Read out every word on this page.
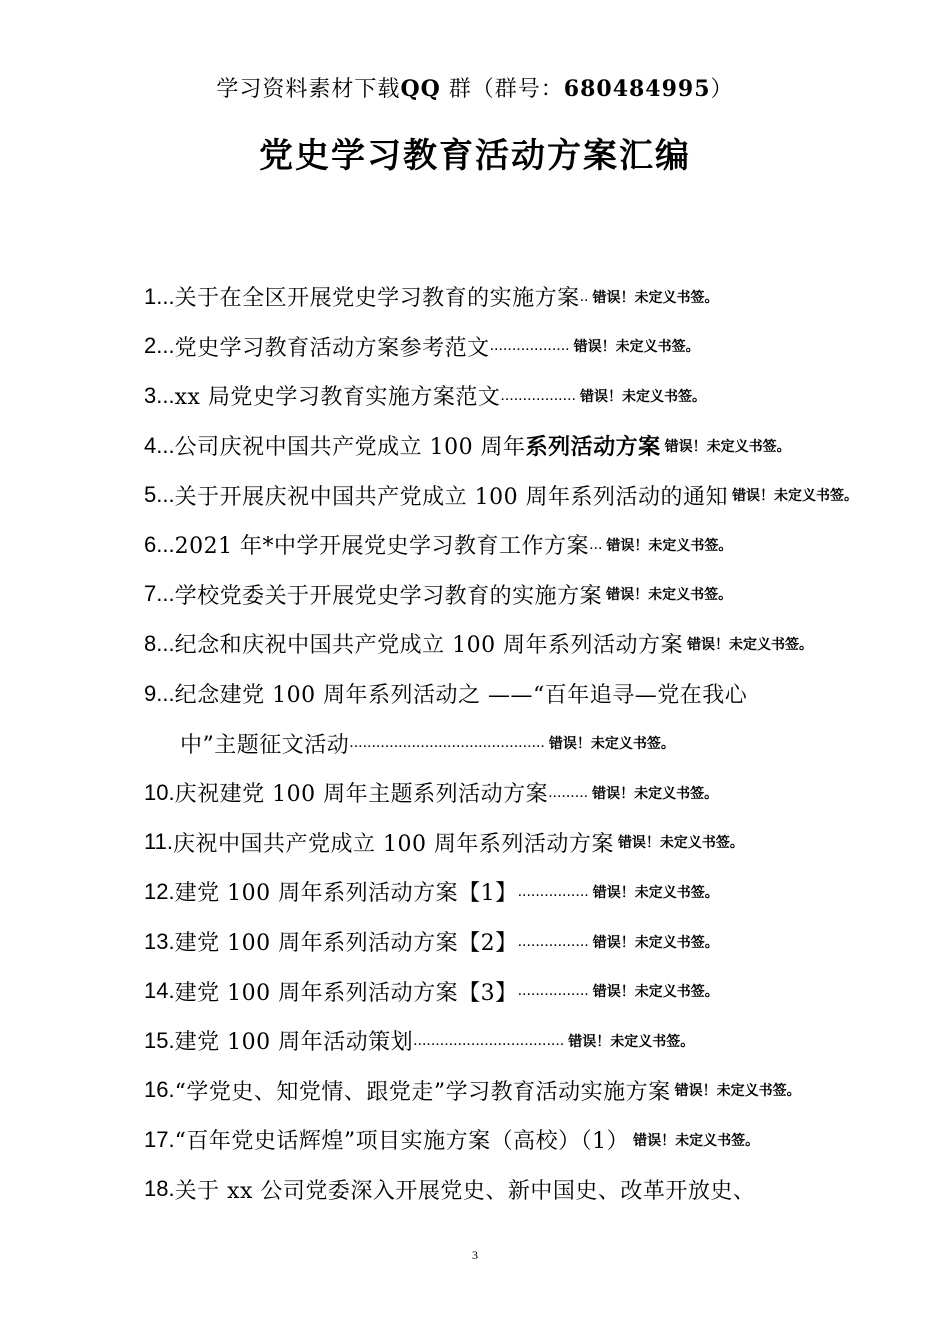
学习资料素材下载QQ 群（群号：680484995）
党史学习教育活动方案汇编
1... 关于在全区开展党史学习教育的实施方案 .. 错误！未定义书签。
2... 党史学习教育活动方案参考范文 .................. 错误！未定义书签。
3... xx 局党史学习教育实施方案范文 ................. 错误！未定义书签。
4... 公司庆祝中国共产党成立 100 周年 系列活动方案 错误！未定义书签。
5... 关于开展庆祝中国共产党成立 100 周年系列活动的通知 错误！未定义书签。
6... 2021 年*中学开展党史学习教育工作方案 ... 错误！未定义书签。
7... 学校党委关于开展党史学习教育的实施方案 错误！未定义书签。
8... 纪念和庆祝中国共产党成立 100 周年系列活动方案 错误！未定义书签。
9... 纪念建党 100 周年系列活动之 ——“百年追寻—党在我心
中”主题征文活动 ............................................ 错误！未定义书签。
10. 庆祝建党 100 周年主题系列活动方案 ......... 错误！未定义书签。
11. 庆祝中国共产党成立 100 周年系列活动方案 错误！未定义书签。
12. 建党 100 周年系列活动方案【1】 ................ 错误！未定义书签。
13. 建党 100 周年系列活动方案【2】 ................ 错误！未定义书签。
14. 建党 100 周年系列活动方案【3】 ................ 错误！未定义书签。
15. 建党 100 周年活动策划 .................................. 错误！未定义书签。
16. “学党史、知党情、跟党走”学习教育活动实施方案 错误！未定义书签。
17. “百年党史话辉煌”项目实施方案（高校）（1） 错误！未定义书签。
18. 关于 xx 公司党委深入开展党史、新中国史、改革开放史、
3
